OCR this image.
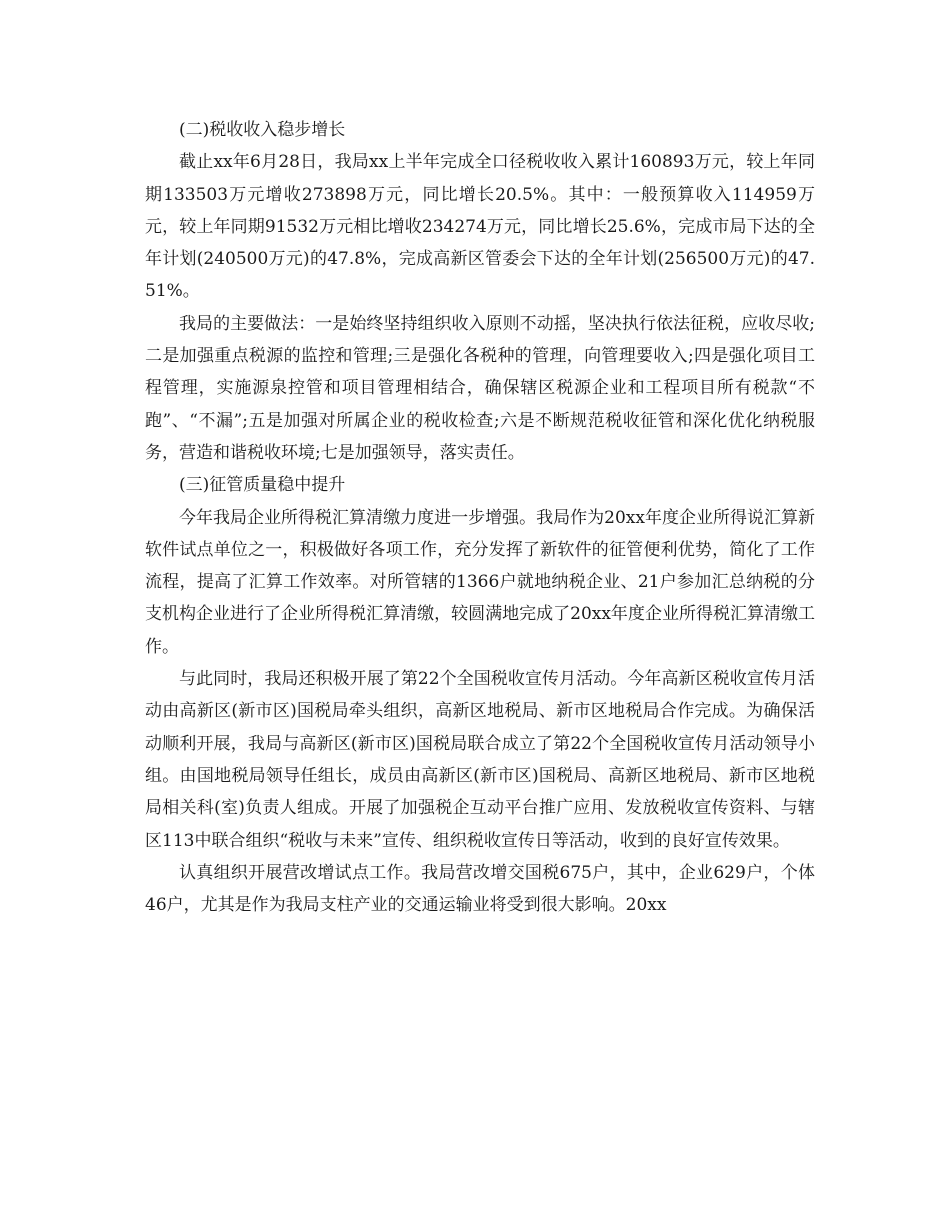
(二)税收收入稳步增长

截止xx年6月28日，我局xx上半年完成全口径税收收入累计160893万元，较上年同期133503万元增收273898万元，同比增长20.5%。其中：一般预算收入114959万元，较上年同期91532万元相比增收234274万元，同比增长25.6%，完成市局下达的全年计划(240500万元)的47.8%，完成高新区管委会下达的全年计划(256500万元)的47.51%。

我局的主要做法：一是始终坚持组织收入原则不动摇，坚决执行依法征税，应收尽收;二是加强重点税源的监控和管理;三是强化各税种的管理，向管理要收入;四是强化项目工程管理，实施源泉控管和项目管理相结合，确保辖区税源企业和工程项目所有税款“不跑”、“不漏”;五是加强对所属企业的税收检查;六是不断规范税收征管和深化优化纳税服务，营造和谐税收环境;七是加强领导，落实责任。

(三)征管质量稳中提升

今年我局企业所得税汇算清缴力度进一步增强。我局作为20xx年度企业所得说汇算新软件试点单位之一，积极做好各项工作，充分发挥了新软件的征管便利优势，简化了工作流程，提高了汇算工作效率。对所管辖的1366户就地纳税企业、21户参加汇总纳税的分支机构企业进行了企业所得税汇算清缴，较圆满地完成了20xx年度企业所得税汇算清缴工作。

与此同时，我局还积极开展了第22个全国税收宣传月活动。今年高新区税收宣传月活动由高新区(新市区)国税局牵头组织，高新区地税局、新市区地税局合作完成。为确保活动顺利开展，我局与高新区(新市区)国税局联合成立了第22个全国税收宣传月活动领导小组。由国地税局领导任组长，成员由高新区(新市区)国税局、高新区地税局、新市区地税局相关科(室)负责人组成。开展了加强税企互动平台推广应用、发放税收宣传资料、与辖区113中联合组织“税收与未来”宣传、组织税收宣传日等活动，收到的良好宣传效果。

认真组织开展营改增试点工作。我局营改增交国税675户，其中，企业629户，个体46户，尤其是作为我局支柱产业的交通运输业将受到很大影响。20xx
